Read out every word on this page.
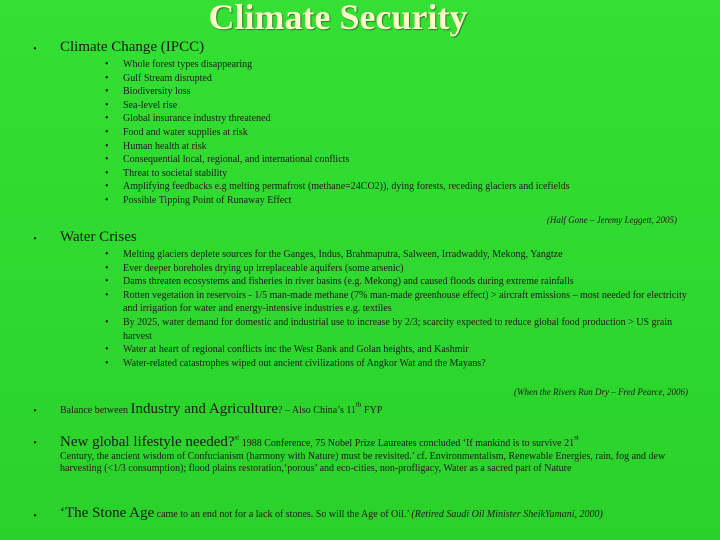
Climate Security
• Climate Change (IPCC)
• Whole forest types disappearing
• Gulf Stream disrupted
• Biodiversity loss
• Sea-level rise
• Global insurance industry threatened
• Food and water supplies at risk
• Human health at risk
• Consequential local, regional, and international conflicts
• Threat to societal stability
• Amplifying feedbacks e.g melting permafrost (methane=24CO2)), dying forests, receding glaciers and icefields
• Possible Tipping Point of Runaway Effect
(Half Gone – Jeremy Leggett, 2005)
• Water Crises
• Melting glaciers deplete sources for the Ganges, Indus, Brahmaputra, Salween, Irradwaddy, Mekong, Yangtze
• Ever deeper boreholes drying up irreplaceable aquifers (some arsenic)
• Dams threaten ecosystems and fisheries in river basins (e.g. Mekong) and caused floods during extreme rainfalls
• Rotten vegetation in reservoirs - 1/5 man-made methane (7% man-made greenhouse effect) > aircraft emissions – most needed for electricity and irrigation for water and energy-intensive industries e.g. textiles
• By 2025, water demand for domestic and industrial use to increase by 2/3; scarcity expected to reduce global food production > US grain harvest
• Water at heart of regional conflicts inc the West Bank and Golan heights, and Kashmir
• Water-related catastrophes wiped out ancient civilizations of Angkor Wat and the Mayans?
(When the Rivers Run Dry – Fred Pearce, 2006)
•	Balance between Industry and Agriculture? – Also China’s 11th FYP
• New global lifestyle needed?$^{st}$ 1988 Conference, 75 Nobel Prize Laureates concluded ‘If mankind is to survive 21st
Century, the ancient wisdom of Confucianism (harmony with Nature) must be revisited.’ cf. Environmentalism, Renewable Energies, rain, fog and dew harvesting (<1/3 consumption); flood plains restoration,‘porous’ and eco-cities, non-profligacy, Water as a sacred part of Nature
• ‘The Stone Age came to an end not for a lack of stones. So will the Age of Oil.’ (Retired Saudi Oil Minister SheikYamani, 2000)
